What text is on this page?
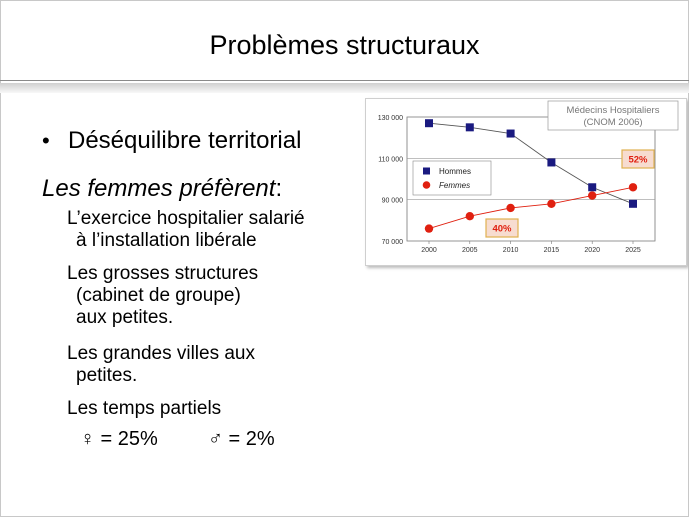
Problèmes structuraux
• Déséquilibre territorial
Les femmes préfèrent:
L’exercice hospitalier salarié
à l’installation libérale
Les grosses structures
(cabinet de groupe)
aux petites.
Les grandes villes aux
petites.
Les temps partiels
♀ = 25%	♂ = 2%
70 000
90 000
110 000
130 000
2000	2005	2010	2015	2020	2025
Hommes
Femmes
Médecins Hospitaliers
(CNOM 2006)
40%
52%
